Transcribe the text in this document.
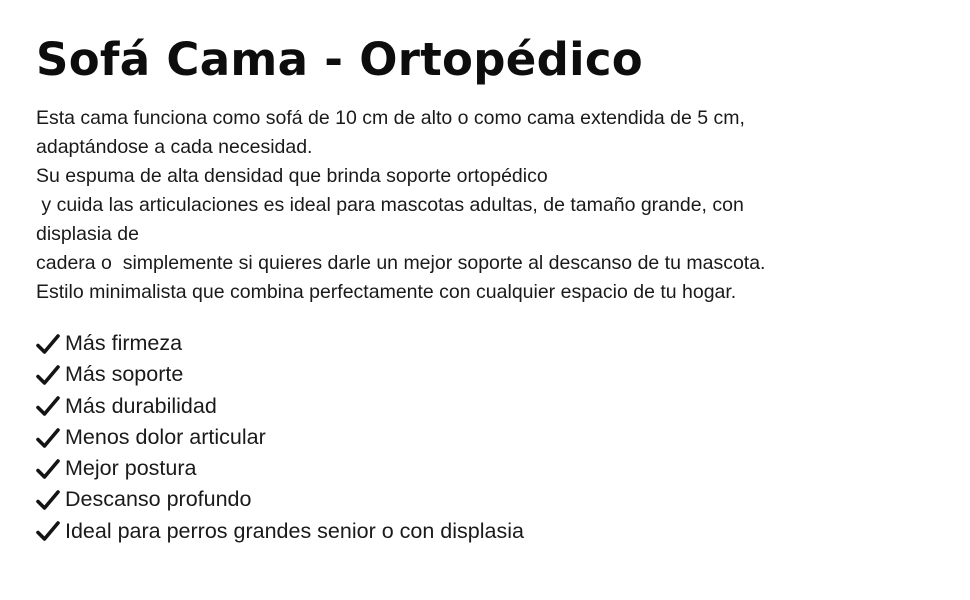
Sofá Cama - Ortopédico
Esta cama funciona como sofá de 10 cm de alto o como cama extendida de 5 cm,
adaptándose a cada necesidad.
Su espuma de alta densidad que brinda soporte ortopédico
y cuida las articulaciones es ideal para mascotas adultas, de tamaño grande, con
displasia de
cadera o  simplemente si quieres darle un mejor soporte al descanso de tu mascota.
Estilo minimalista que combina perfectamente con cualquier espacio de tu hogar.
Más firmeza
Más soporte
Más durabilidad
Menos dolor articular
Mejor postura
Descanso profundo
Ideal para perros grandes senior o con displasia
